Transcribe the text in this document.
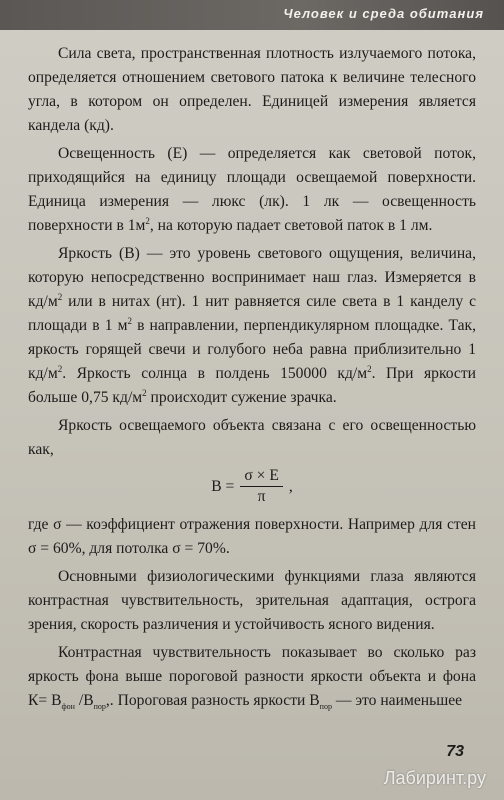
Человек и среда обитания

Сила света, пространственная плотность излучаемого потока, определяется отношением светового патока к величине телесного угла, в котором он определен. Единицей измерения является кандела (кд).

Освещенность (Е) — определяется как световой поток, приходящийся на единицу площади освещаемой поверхности. Единица измерения — люкс (лк). 1 лк — освещенность поверхности в $1м^2$, на которую падает световой паток в 1 лм.

Яркость (В) — это уровень светового ощущения, величина, которую непосредственно воспринимает наш глаз. Измеряется в $кд/м^2$ или в нитах (нт). 1 нит равняется силе света в 1 канделу с площади в 1 $м^2$ в направлении, перпендикулярном площадке. Так, яркость горящей свечи и голубого неба равна приблизительно 1 $кд/м^2$. Яркость солнца в полдень 150000 $кд/м^2$. При яркости больше 0,75 $кд/м^2$ происходит сужение зрачка.

Яркость освещаемого объекта связана с его освещенностью как,

$B = \frac{\sigma \times E}{\pi}$ ,

где σ — коэффициент отражения поверхности. Например для стен σ = 60%, для потолка σ = 70%.

Основными физиологическими функциями глаза являются контрастная чувствительность, зрительная адаптация, острога зрения, скорость различения и устойчивость ясного видения.

Контрастная чувствительность показывает во сколько раз яркость фона выше пороговой разности яркости объекта и фона $К= В_{фон}$ $/В_{пор}$,. Пороговая разность яркости $В_{пор}$ — это наименьшее

73
Лабиринт.ру
